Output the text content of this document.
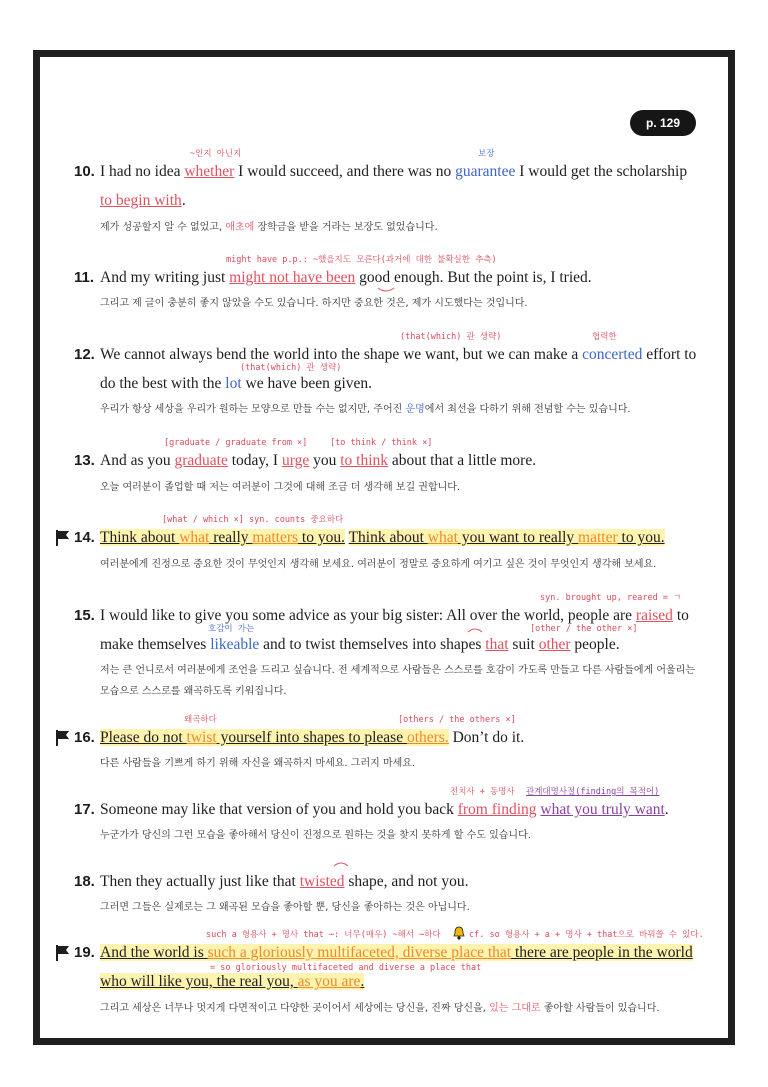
p. 129
~인지 아닌지	보장
10. I had no idea whether I would succeed, and there was no guarantee I would get the scholarship
to begin with.
제가 성공할지 알 수 없었고, 애초에 장학금을 받을 거라는 보장도 없었습니다.
might have p.p.: ~했을지도 모른다(과거에 대한 불확실한 추측)
11. And my writing just might not have been good enough. But the point is, I tried.
그리고 제 글이 충분히 좋지 않았을 수도 있습니다. 하지만 중요한 것은, 제가 시도했다는 것입니다.
(that(which) 관 생략)	협력한
12. We cannot always bend the world into the shape we want, but we can make a concerted effort to
(that(which) 관 생략)
do the best with the lot we have been given.
우리가 항상 세상을 우리가 원하는 모양으로 만들 수는 없지만, 주어진 운명에서 최선을 다하기 위해 전념할 수는 있습니다.
[graduate / graduate from ×]	[to think / think ×]
13. And as you graduate today, I urge you to think about that a little more.
오늘 여러분이 졸업할 때 저는 여러분이 그것에 대해 조금 더 생각해 보길 권합니다.
[what / which ×] syn. counts 중요하다
14. Think about what really matters to you. Think about what you want to really matter to you.
여러분에게 진정으로 중요한 것이 무엇인지 생각해 보세요. 여러분이 정말로 중요하게 여기고 싶은 것이 무엇인지 생각해 보세요.
syn. brought up, reared = ㄱ
15. I would like to give you some advice as your big sister: All over the world, people are raised to
호감이 가는	[other / the other ×]
make themselves likeable and to twist themselves into shapes that suit other people.
저는 큰 언니로서 여러분에게 조언을 드리고 싶습니다. 전 세계적으로 사람들은 스스로를 호감이 가도록 만들고 다른 사람들에게 어울리는
모습으로 스스로를 왜곡하도록 키워집니다.
왜곡하다	[others / the others ×]
16. Please do not twist yourself into shapes to please others. Don’t do it.
다른 사람들을 기쁘게 하기 위해 자신을 왜곡하지 마세요. 그러지 마세요.
전치사 + 동명사 관계대명사절(finding의 목적어)
17. Someone may like that version of you and hold you back from finding what you truly want.
누군가가 당신의 그런 모습을 좋아해서 당신이 진정으로 원하는 것을 찾지 못하게 할 수도 있습니다.
18. Then they actually just like that twisted shape, and not you.
그러면 그들은 실제로는 그 왜곡된 모습을 좋아할 뿐, 당신을 좋아하는 것은 아닙니다.
such a 형용사 + 명사 that ⋯: 너무(매우) ~해서 ⋯하다	cf. so 형용사 + a + 명사 + that으로 바꿔쓸 수 있다.
19. And the world is such a gloriously multifaceted, diverse place that there are people in the world
= so gloriously multifaceted and diverse a place that
who will like you, the real you, as you are.
그리고 세상은 너무나 멋지게 다면적이고 다양한 곳이어서 세상에는 당신을, 진짜 당신을, 있는 그대로 좋아할 사람들이 있습니다.
